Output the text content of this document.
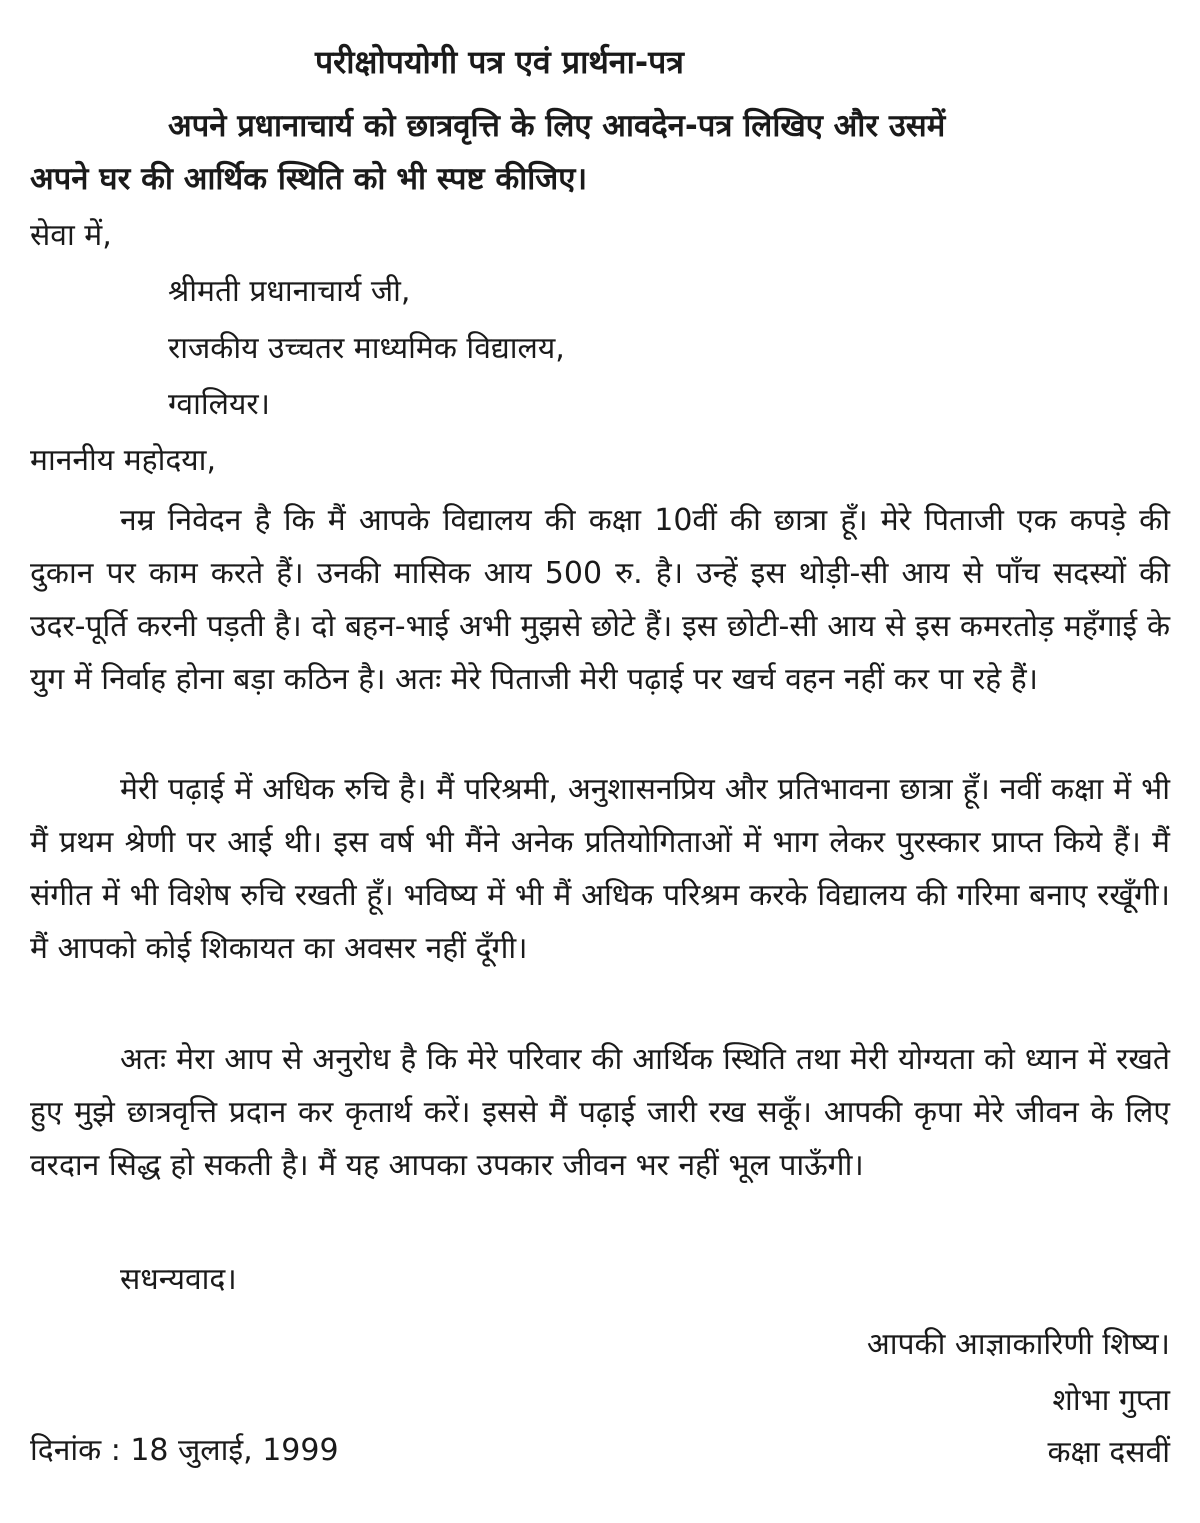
परीक्षोपयोगी पत्र एवं प्रार्थना-पत्र
अपने प्रधानाचार्य को छात्रवृत्ति के लिए आवदेन-पत्र लिखिए और उसमें
अपने घर की आर्थिक स्थिति को भी स्पष्ट कीजिए।
सेवा में,
श्रीमती प्रधानाचार्य जी,
राजकीय उच्चतर माध्यमिक विद्यालय,
ग्वालियर।
माननीय महोदया,
नम्र निवेदन है कि मैं आपके विद्यालय की कक्षा 10वीं की छात्रा हूँ। मेरे पिताजी एक कपड़े की दुकान पर काम करते हैं। उनकी मासिक आय 500 रु. है। उन्हें इस थोड़ी-सी आय से पाँच सदस्यों की उदर-पूर्ति करनी पड़ती है। दो बहन-भाई अभी मुझसे छोटे हैं। इस छोटी-सी आय से इस कमरतोड़ महँगाई के युग में निर्वाह होना बड़ा कठिन है। अतः मेरे पिताजी मेरी पढ़ाई पर खर्च वहन नहीं कर पा रहे हैं।
मेरी पढ़ाई में अधिक रुचि है। मैं परिश्रमी, अनुशासनप्रिय और प्रतिभावना छात्रा हूँ। नवीं कक्षा में भी मैं प्रथम श्रेणी पर आई थी। इस वर्ष भी मैंने अनेक प्रतियोगिताओं में भाग लेकर पुरस्कार प्राप्त किये हैं। मैं संगीत में भी विशेष रुचि रखती हूँ। भविष्य में भी मैं अधिक परिश्रम करके विद्यालय की गरिमा बनाए रखूँगी। मैं आपको कोई शिकायत का अवसर नहीं दूँगी।
अतः मेरा आप से अनुरोध है कि मेरे परिवार की आर्थिक स्थिति तथा मेरी योग्यता को ध्यान में रखते हुए मुझे छात्रवृत्ति प्रदान कर कृतार्थ करें। इससे मैं पढ़ाई जारी रख सकूँ। आपकी कृपा मेरे जीवन के लिए वरदान सिद्ध हो सकती है। मैं यह आपका उपकार जीवन भर नहीं भूल पाऊँगी।
सधन्यवाद।
आपकी आज्ञाकारिणी शिष्य।
शोभा गुप्ता
कक्षा दसवीं
दिनांक : 18 जुलाई, 1999
